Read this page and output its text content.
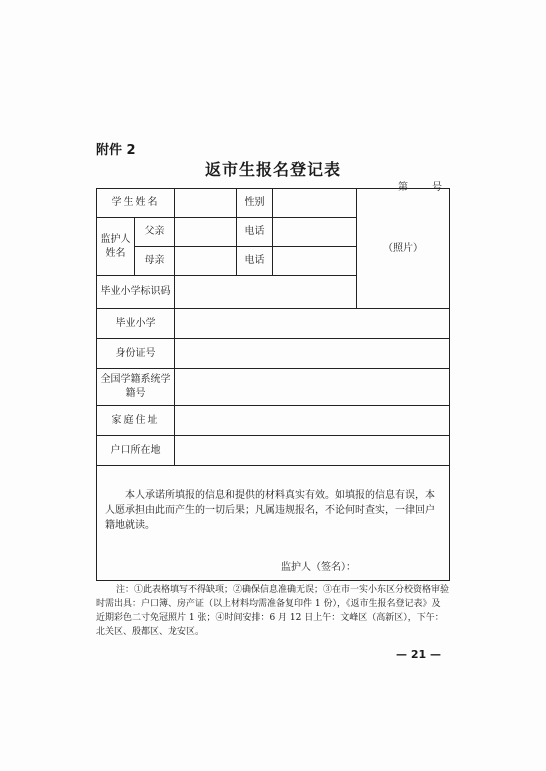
附件 2
返市生报名登记表
第 号
学生姓名			性别		（照片）
监护人姓名	父亲		电话		
	母亲		电话		
毕业小学标识码					
毕业小学					
身份证号					
全国学籍系统学籍号					
家庭住址					
户口所在地					
本人承诺所填报的信息和提供的材料真实有效。如填报的信息有误，本人愿承担由此而产生的一切后果；凡属违规报名，不论何时查实，一律回户籍地就读。
监护人（签名）：					
注：①此表格填写不得缺项；②确保信息准确无误；③在市一实小东区分校资格审验时需出具：户口簿、房产证（以上材料均需准备复印件 1 份），《返市生报名登记表》及近期彩色二寸免冠照片 1 张；④时间安排：6 月 12 日上午：文峰区（高新区），下午：北关区、殷都区、龙安区。
— 21 —
